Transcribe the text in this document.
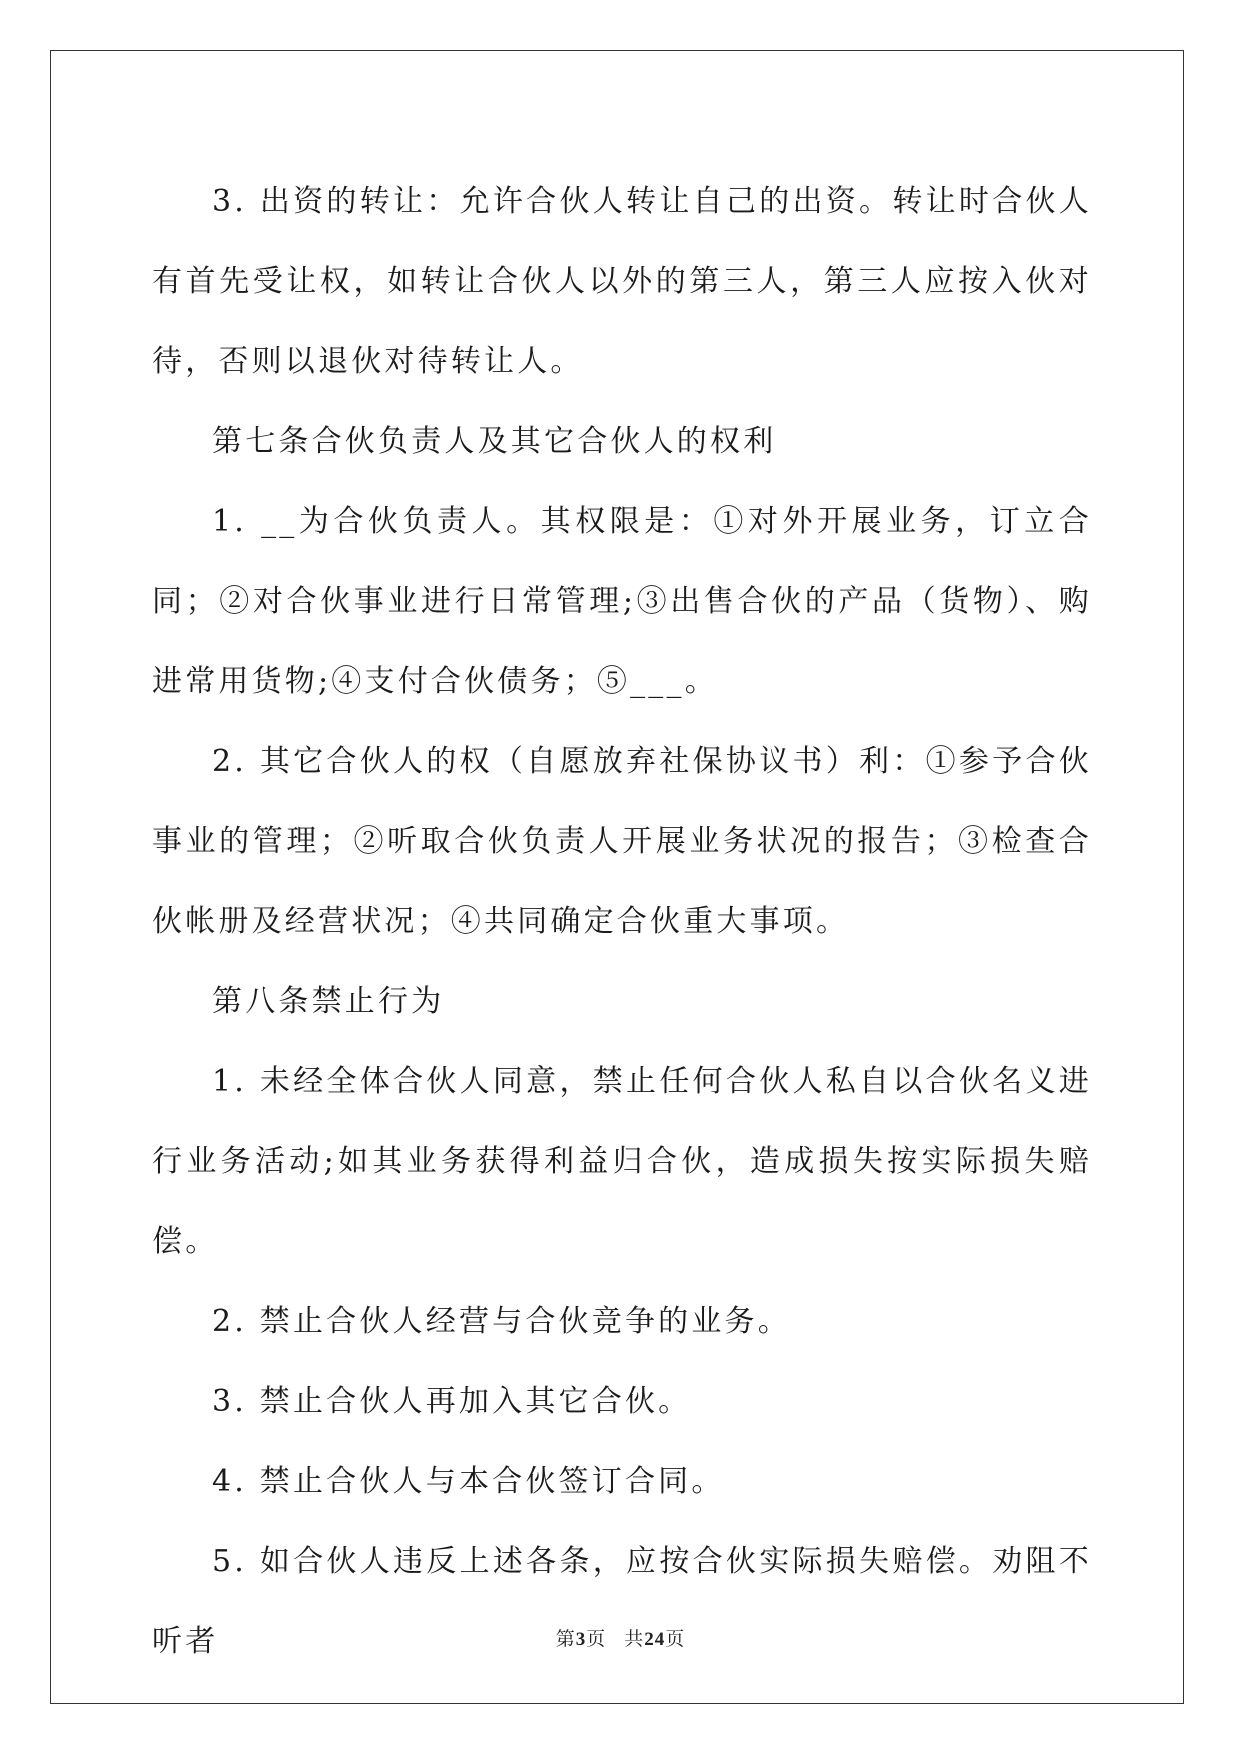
3. 出资的转让：允许合伙人转让自己的出资。转让时合伙人有首先受让权，如转让合伙人以外的第三人，第三人应按入伙对待，否则以退伙对待转让人。

第七条合伙负责人及其它合伙人的权利

1. __为合伙负责人。其权限是：①对外开展业务，订立合同；②对合伙事业进行日常管理;③出售合伙的产品（货物）、购进常用货物;④支付合伙债务；⑤___。

2. 其它合伙人的权（自愿放弃社保协议书）利：①参予合伙事业的管理；②听取合伙负责人开展业务状况的报告；③检查合伙帐册及经营状况；④共同确定合伙重大事项。

第八条禁止行为

1. 未经全体合伙人同意，禁止任何合伙人私自以合伙名义进行业务活动;如其业务获得利益归合伙，造成损失按实际损失赔偿。

2. 禁止合伙人经营与合伙竞争的业务。

3. 禁止合伙人再加入其它合伙。

4. 禁止合伙人与本合伙签订合同。

5. 如合伙人违反上述各条，应按合伙实际损失赔偿。劝阻不听者	第3页 共24页
